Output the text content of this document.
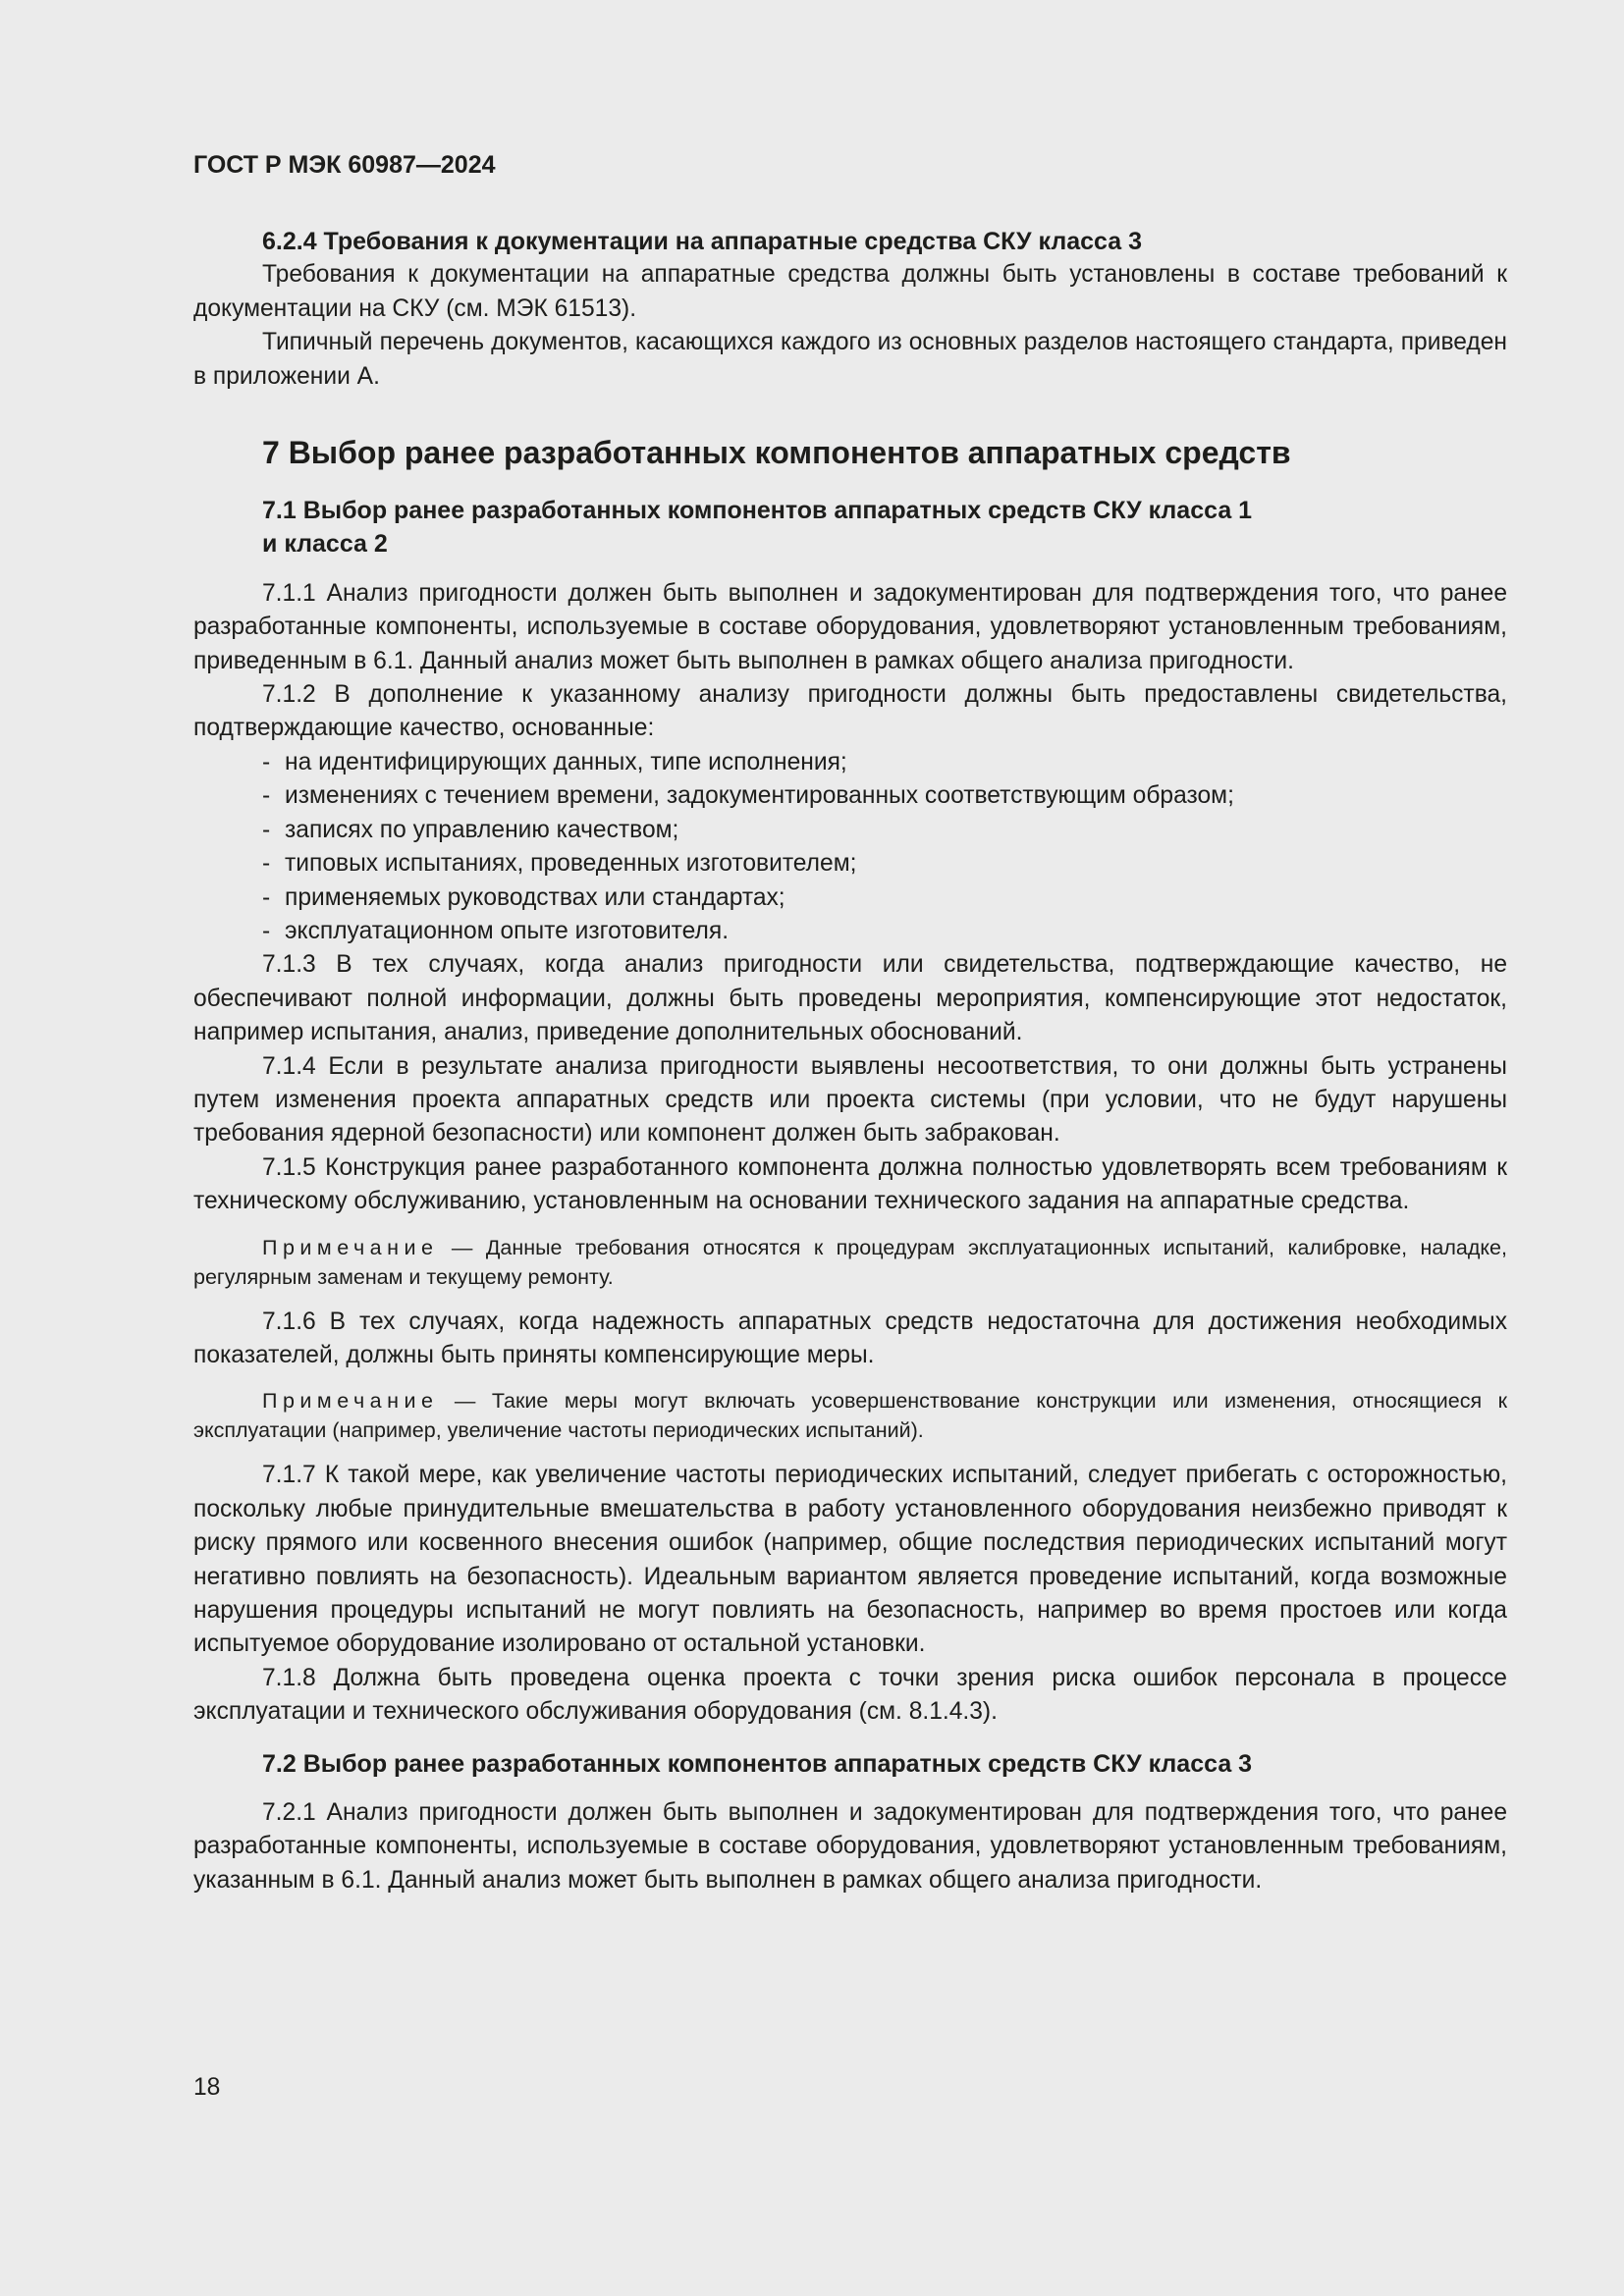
ГОСТ Р МЭК 60987—2024

6.2.4 Требования к документации на аппаратные средства СКУ класса 3

Требования к документации на аппаратные средства должны быть установлены в составе требований к документации на СКУ (см. МЭК 61513).

Типичный перечень документов, касающихся каждого из основных разделов настоящего стандарта, приведен в приложении А.

7 Выбор ранее разработанных компонентов аппаратных средств

7.1 Выбор ранее разработанных компонентов аппаратных средств СКУ класса 1
и класса 2

7.1.1 Анализ пригодности должен быть выполнен и задокументирован для подтверждения того, что ранее разработанные компоненты, используемые в составе оборудования, удовлетворяют установленным требованиям, приведенным в 6.1. Данный анализ может быть выполнен в рамках общего анализа пригодности.

7.1.2 В дополнение к указанному анализу пригодности должны быть предоставлены свидетельства, подтверждающие качество, основанные:

- на идентифицирующих данных, типе исполнения;
- изменениях с течением времени, задокументированных соответствующим образом;
- записях по управлению качеством;
- типовых испытаниях, проведенных изготовителем;
- применяемых руководствах или стандартах;
- эксплуатационном опыте изготовителя.

7.1.3 В тех случаях, когда анализ пригодности или свидетельства, подтверждающие качество, не обеспечивают полной информации, должны быть проведены мероприятия, компенсирующие этот недостаток, например испытания, анализ, приведение дополнительных обоснований.

7.1.4 Если в результате анализа пригодности выявлены несоответствия, то они должны быть устранены путем изменения проекта аппаратных средств или проекта системы (при условии, что не будут нарушены требования ядерной безопасности) или компонент должен быть забракован.

7.1.5 Конструкция ранее разработанного компонента должна полностью удовлетворять всем требованиям к техническому обслуживанию, установленным на основании технического задания на аппаратные средства.

Примечание — Данные требования относятся к процедурам эксплуатационных испытаний, калибровке, наладке, регулярным заменам и текущему ремонту.

7.1.6 В тех случаях, когда надежность аппаратных средств недостаточна для достижения необходимых показателей, должны быть приняты компенсирующие меры.

Примечание — Такие меры могут включать усовершенствование конструкции или изменения, относящиеся к эксплуатации (например, увеличение частоты периодических испытаний).

7.1.7 К такой мере, как увеличение частоты периодических испытаний, следует прибегать с осторожностью, поскольку любые принудительные вмешательства в работу установленного оборудования неизбежно приводят к риску прямого или косвенного внесения ошибок (например, общие последствия периодических испытаний могут негативно повлиять на безопасность). Идеальным вариантом является проведение испытаний, когда возможные нарушения процедуры испытаний не могут повлиять на безопасность, например во время простоев или когда испытуемое оборудование изолировано от остальной установки.

7.1.8 Должна быть проведена оценка проекта с точки зрения риска ошибок персонала в процессе эксплуатации и технического обслуживания оборудования (см. 8.1.4.3).

7.2 Выбор ранее разработанных компонентов аппаратных средств СКУ класса 3

7.2.1 Анализ пригодности должен быть выполнен и задокументирован для подтверждения того, что ранее разработанные компоненты, используемые в составе оборудования, удовлетворяют установленным требованиям, указанным в 6.1. Данный анализ может быть выполнен в рамках общего анализа пригодности.

18
